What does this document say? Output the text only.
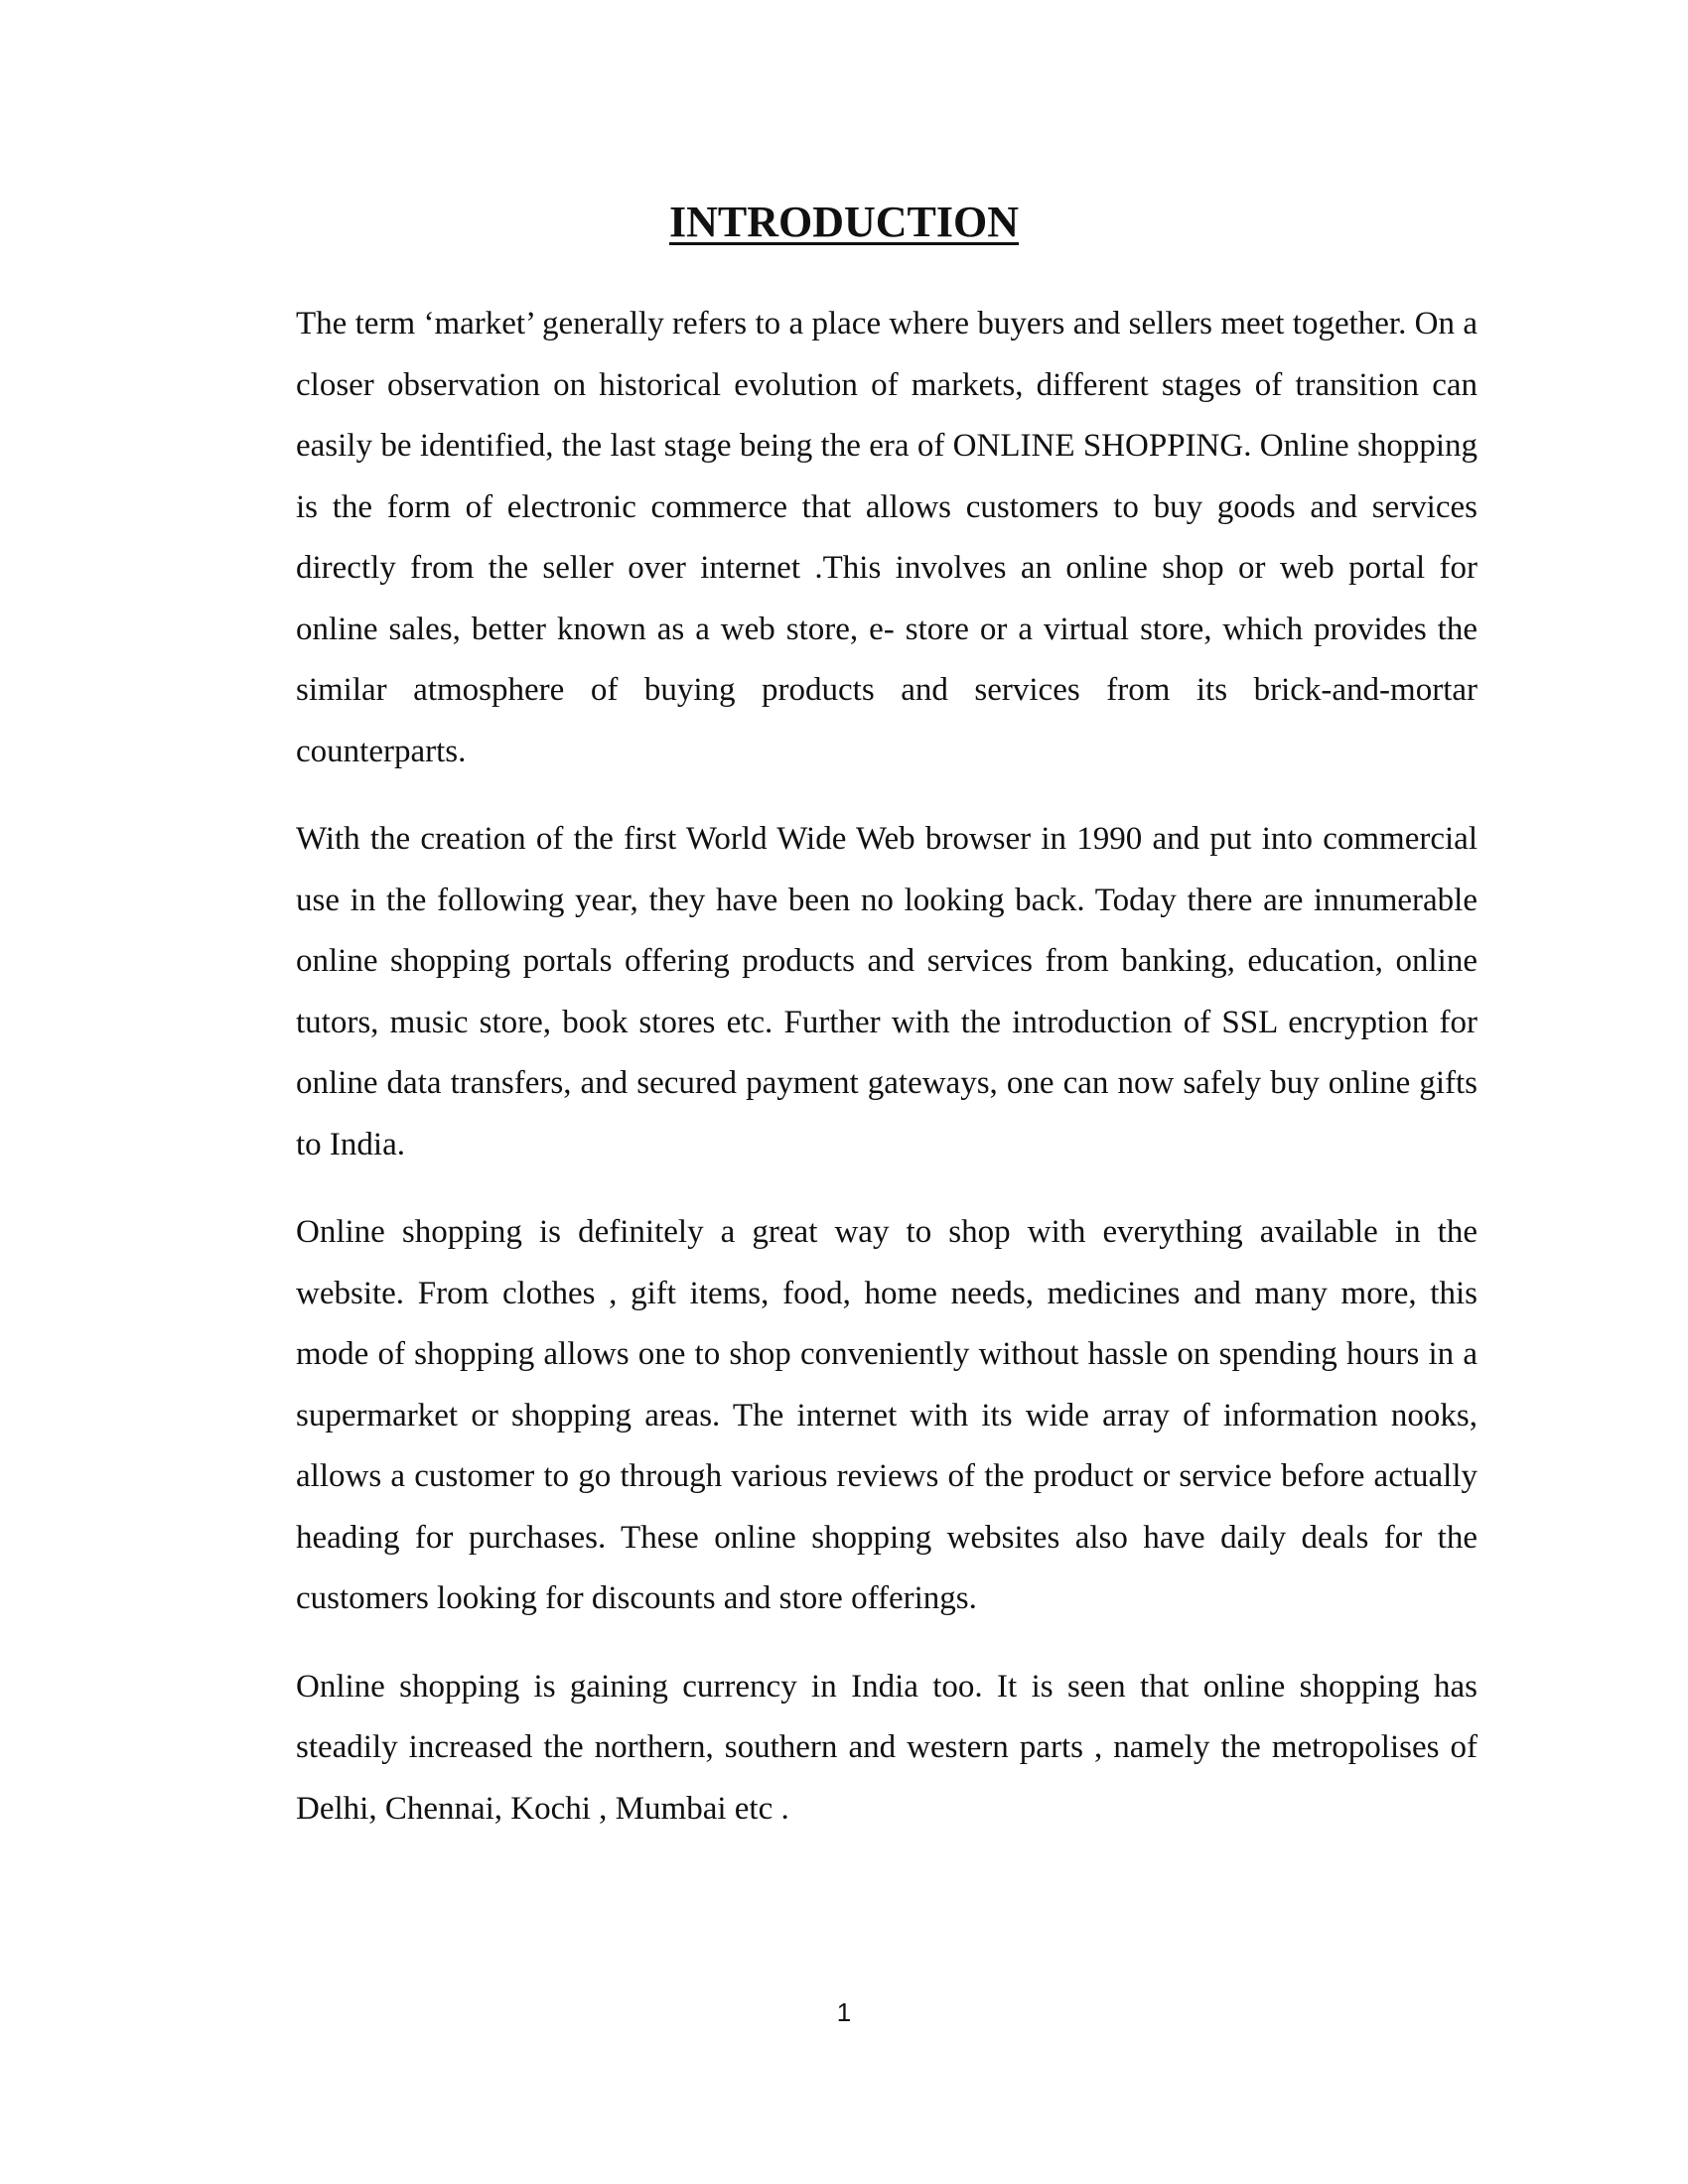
INTRODUCTION

The term ‘market’ generally refers to a place where buyers and sellers meet together. On a closer observation on historical evolution of markets, different stages of transition can easily be identified, the last stage being the era of ONLINE SHOPPING. Online shopping is the form of electronic commerce that allows customers to buy goods and services directly from the seller over internet .This involves an online shop or web portal for online sales, better known as a web store, e- store or a virtual store, which provides the similar atmosphere of buying products and services from its brick-and-mortar counterparts.

With the creation of the first World Wide Web browser in 1990 and put into commercial use in the following year, they have been no looking back. Today there are innumerable online shopping portals offering products and services from banking, education, online tutors, music store, book stores etc. Further with the introduction of SSL encryption for online data transfers, and secured payment gateways, one can now safely buy online gifts to India.

Online shopping is definitely a great way to shop with everything available in the website. From clothes , gift items, food, home needs, medicines and many more, this mode of shopping allows one to shop conveniently without hassle on spending hours in a supermarket or shopping areas. The internet with its wide array of information nooks, allows a customer to go through various reviews of the product or service before actually heading for purchases. These online shopping websites also have daily deals for the customers looking for discounts and store offerings.

Online shopping is gaining currency in India too. It is seen that online shopping has steadily increased the northern, southern and western parts , namely the metropolises of Delhi, Chennai, Kochi , Mumbai etc .

1
